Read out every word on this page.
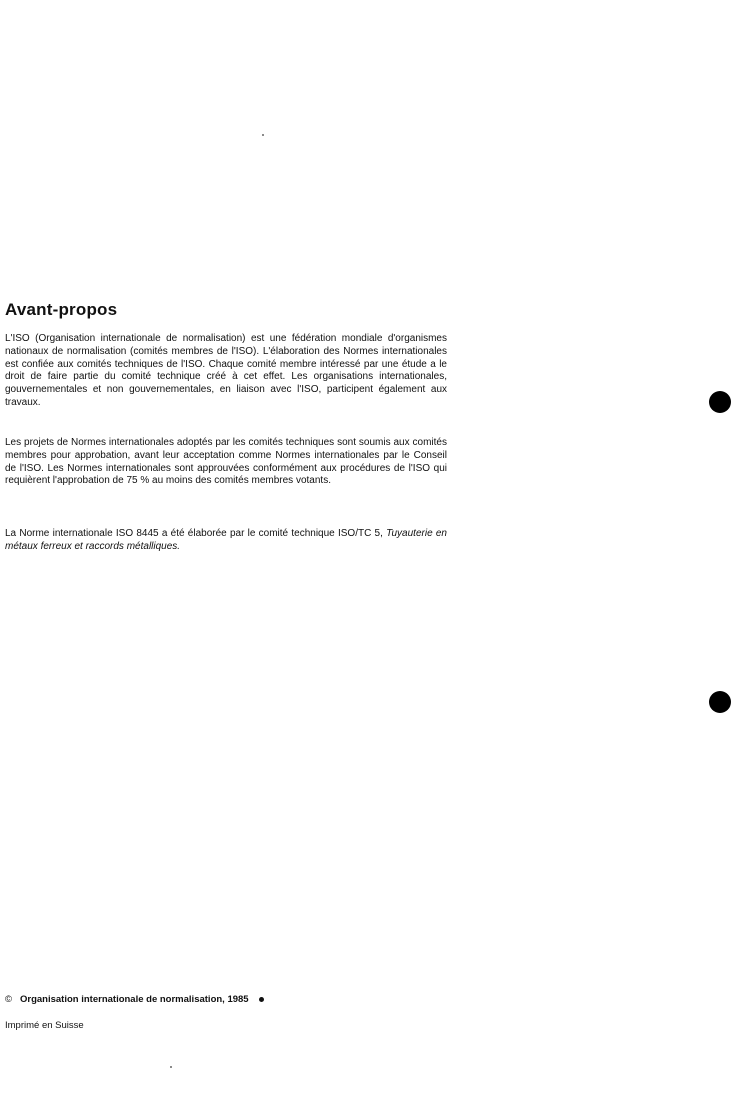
Avant-propos

L'ISO (Organisation internationale de normalisation) est une fédération mondiale d'organismes nationaux de normalisation (comités membres de l'ISO). L'élaboration des Normes internationales est confiée aux comités techniques de l'ISO. Chaque comité membre intéressé par une étude a le droit de faire partie du comité technique créé à cet effet. Les organisations internationales, gouvernementales et non gouvernementales, en liaison avec l'ISO, participent également aux travaux.

Les projets de Normes internationales adoptés par les comités techniques sont soumis aux comités membres pour approbation, avant leur acceptation comme Normes internationales par le Conseil de l'ISO. Les Normes internationales sont approuvées conformément aux procédures de l'ISO qui requièrent l'approbation de 75 % au moins des comités membres votants.

La Norme internationale ISO 8445 a été élaborée par le comité technique ISO/TC 5, Tuyauterie en métaux ferreux et raccords métalliques.

© Organisation internationale de normalisation, 1985
Imprimé en Suisse
